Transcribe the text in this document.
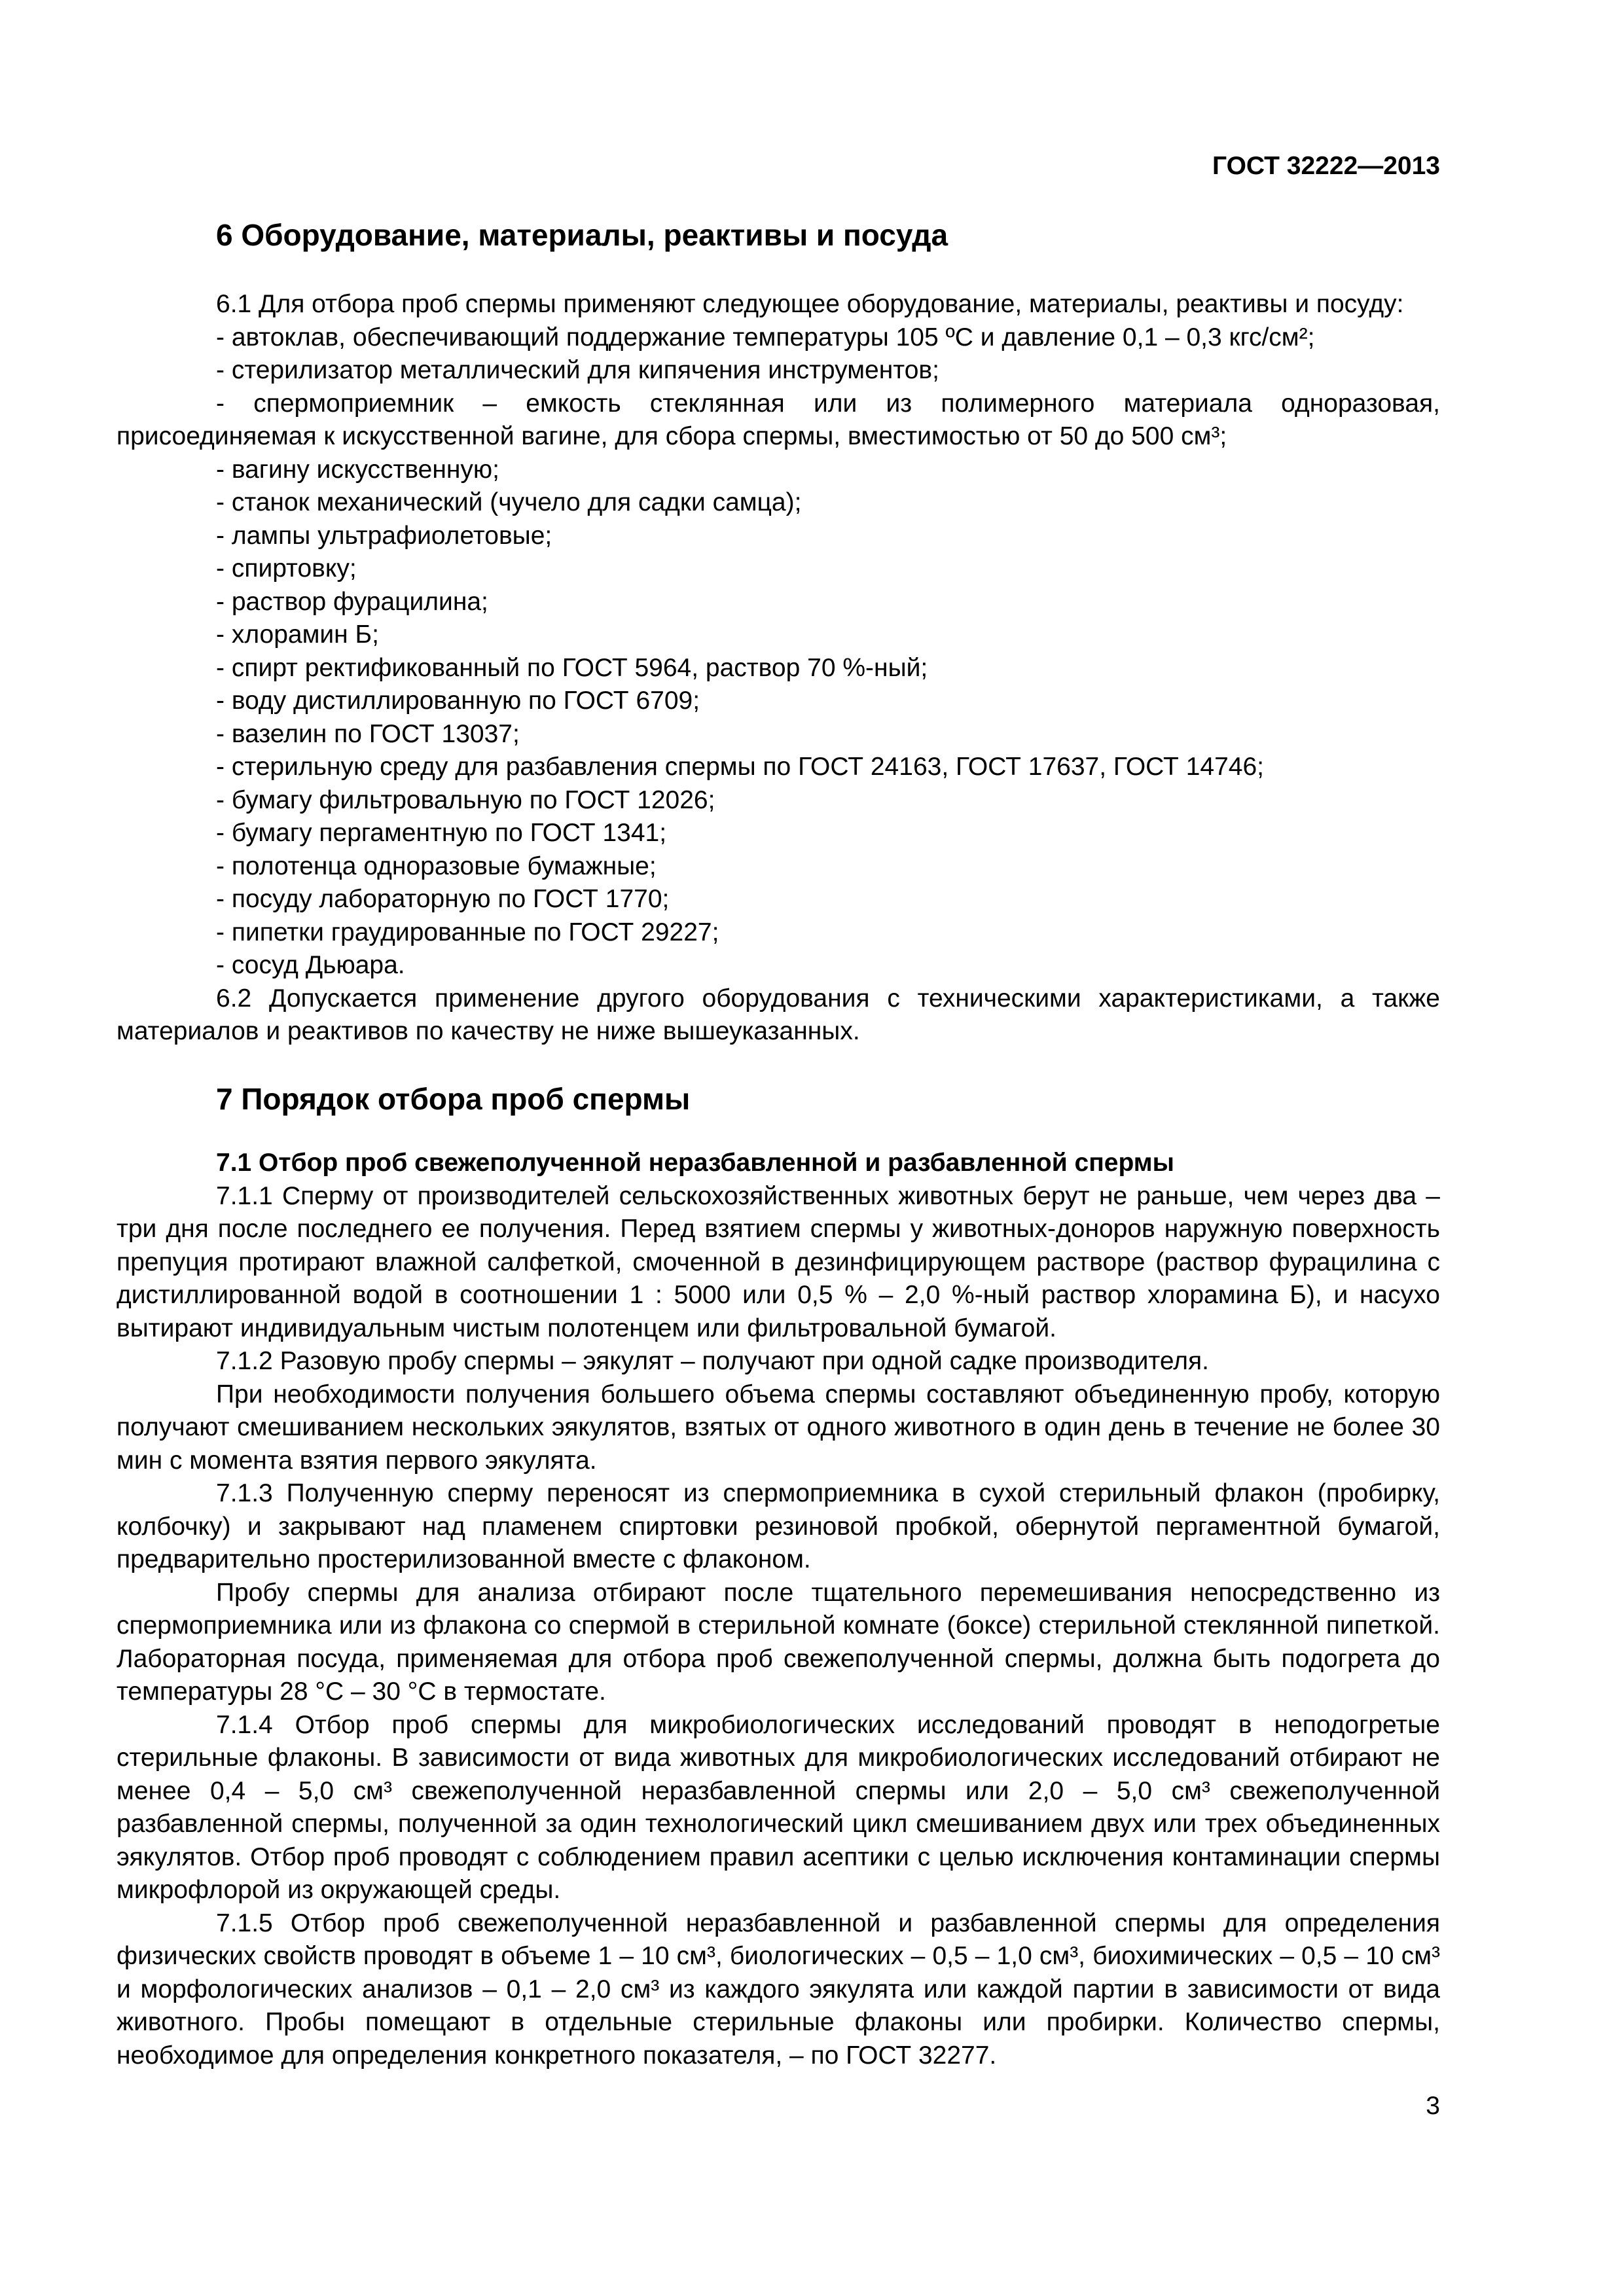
ГОСТ 32222—2013
6 Оборудование, материалы, реактивы и посуда

6.1 Для отбора проб спермы применяют следующее оборудование, материалы, реактивы и посуду:

- автоклав, обеспечивающий поддержание температуры 105 ºС и давление 0,1 – 0,3 кгс/см²;

- стерилизатор металлический для кипячения инструментов;

- спермоприемник – емкость стеклянная или из полимерного материала одноразовая, присоединяемая к искусственной вагине, для сбора спермы, вместимостью от 50 до 500 см³;

- вагину искусственную;

- станок механический (чучело для садки самца);

- лампы ультрафиолетовые;

- спиртовку;

- раствор фурацилина;

- хлорамин Б;

- спирт ректификованный по ГОСТ 5964, раствор 70 %-ный;

- воду дистиллированную по ГОСТ 6709;

- вазелин по ГОСТ 13037;

- стерильную среду для разбавления спермы по ГОСТ 24163, ГОСТ 17637, ГОСТ 14746;

- бумагу фильтровальную по ГОСТ 12026;

- бумагу пергаментную по ГОСТ 1341;

- полотенца одноразовые бумажные;

- посуду лабораторную по ГОСТ 1770;

- пипетки граудированные по ГОСТ 29227;

- сосуд Дьюара.

6.2 Допускается применение другого оборудования с техническими характеристиками, а также материалов и реактивов по качеству не ниже вышеуказанных.

7 Порядок отбора проб спермы

7.1 Отбор проб свежеполученной неразбавленной и разбавленной спермы

7.1.1 Сперму от производителей сельскохозяйственных животных берут не раньше, чем через два – три дня после последнего ее получения. Перед взятием спермы у животных-доноров наружную поверхность препуция протирают влажной салфеткой, смоченной в дезинфицирующем растворе (раствор фурацилина с дистиллированной водой в соотношении 1 : 5000 или 0,5 % – 2,0 %-ный раствор хлорамина Б), и насухо вытирают индивидуальным чистым полотенцем или фильтровальной бумагой.

7.1.2 Разовую пробу спермы – эякулят – получают при одной садке производителя.

При необходимости получения большего объема спермы составляют объединенную пробу, которую получают смешиванием нескольких эякулятов, взятых от одного животного в один день в течение не более 30 мин с момента взятия первого эякулята.

7.1.3 Полученную сперму переносят из спермоприемника в сухой стерильный флакон (пробирку, колбочку) и закрывают над пламенем спиртовки резиновой пробкой, обернутой пергаментной бумагой, предварительно простерилизованной вместе с флаконом.

Пробу спермы для анализа отбирают после тщательного перемешивания непосредственно из спермоприемника или из флакона со спермой в стерильной комнате (боксе) стерильной стеклянной пипеткой. Лабораторная посуда, применяемая для отбора проб свежеполученной спермы, должна быть подогрета до температуры 28 °С – 30 °С в термостате.

7.1.4 Отбор проб спермы для микробиологических исследований проводят в неподогретые стерильные флаконы. В зависимости от вида животных для микробиологических исследований отбирают не менее 0,4 – 5,0 см³ свежеполученной неразбавленной спермы или 2,0 – 5,0 см³ свежеполученной разбавленной спермы, полученной за один технологический цикл смешиванием двух или трех объединенных эякулятов. Отбор проб проводят с соблюдением правил асептики с целью исключения контаминации спермы микрофлорой из окружающей среды.

7.1.5 Отбор проб свежеполученной неразбавленной и разбавленной спермы для определения физических свойств проводят в объеме 1 – 10 см³, биологических – 0,5 – 1,0 см³, биохимических – 0,5 – 10 см³ и морфологических анализов – 0,1 – 2,0 см³ из каждого эякулята или каждой партии в зависимости от вида животного. Пробы помещают в отдельные стерильные флаконы или пробирки. Количество спермы, необходимое для определения конкретного показателя, – по ГОСТ 32277.

3
